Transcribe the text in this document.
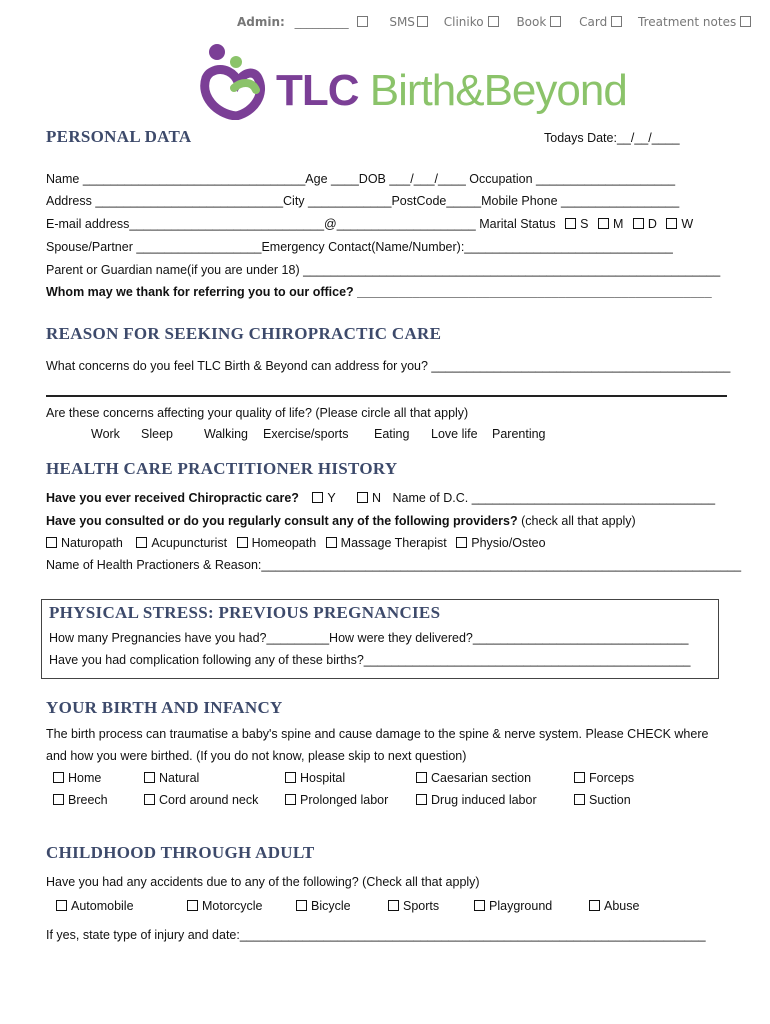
Admin: _________	SMS Cliniko	Book	Card	Treatment notes
TLC Birth&Beyond
PERSONAL DATA	Todays Date:__/__/____
Name ________________________________Age ____DOB ___/___/____ Occupation ____________________
Address ___________________________City ____________PostCode_____Mobile Phone _________________
E-mail address____________________________@____________________ Marital Status S M D W
Spouse/Partner __________________Emergency Contact(Name/Number):______________________________
Parent or Guardian name(if you are under 18) ____________________________________________________________
Whom may we thank for referring you to our office? ___________________________________________________
REASON FOR SEEKING CHIROPRACTIC CARE
What concerns do you feel TLC Birth & Beyond can address for you? ___________________________________________
Are these concerns affecting your quality of life? (Please circle all that apply)
Work Sleep Walking Exercise/sports Eating Love life Parenting
HEALTH CARE PRACTITIONER HISTORY
Have you ever received Chiropractic care? Y	N Name of D.C. ___________________________________
Have you consulted or do you regularly consult any of the following providers? (check all that apply)
Naturopath Acupuncturist Homeopath Massage Therapist Physio/Osteo
Name of Health Practioners & Reason:_____________________________________________________________________
PHYSICAL STRESS: PREVIOUS PREGNANCIES
How many Pregnancies have you had?_________How were they delivered?_______________________________
Have you had complication following any of these births?_______________________________________________
YOUR BIRTH AND INFANCY
The birth process can traumatise a baby's spine and cause damage to the spine & nerve system. Please CHECK where
and how you were birthed. (If you do not know, please skip to next question)
Home	Natural	Hospital	Caesarian section	Forceps
Breech	Cord around neck	Prolonged labor	Drug induced labor	Suction
CHILDHOOD THROUGH ADULT
Have you had any accidents due to any of the following? (Check all that apply)
Automobile	Motorcycle	Bicycle	Sports	Playground	Abuse
If yes, state type of injury and date:___________________________________________________________________
